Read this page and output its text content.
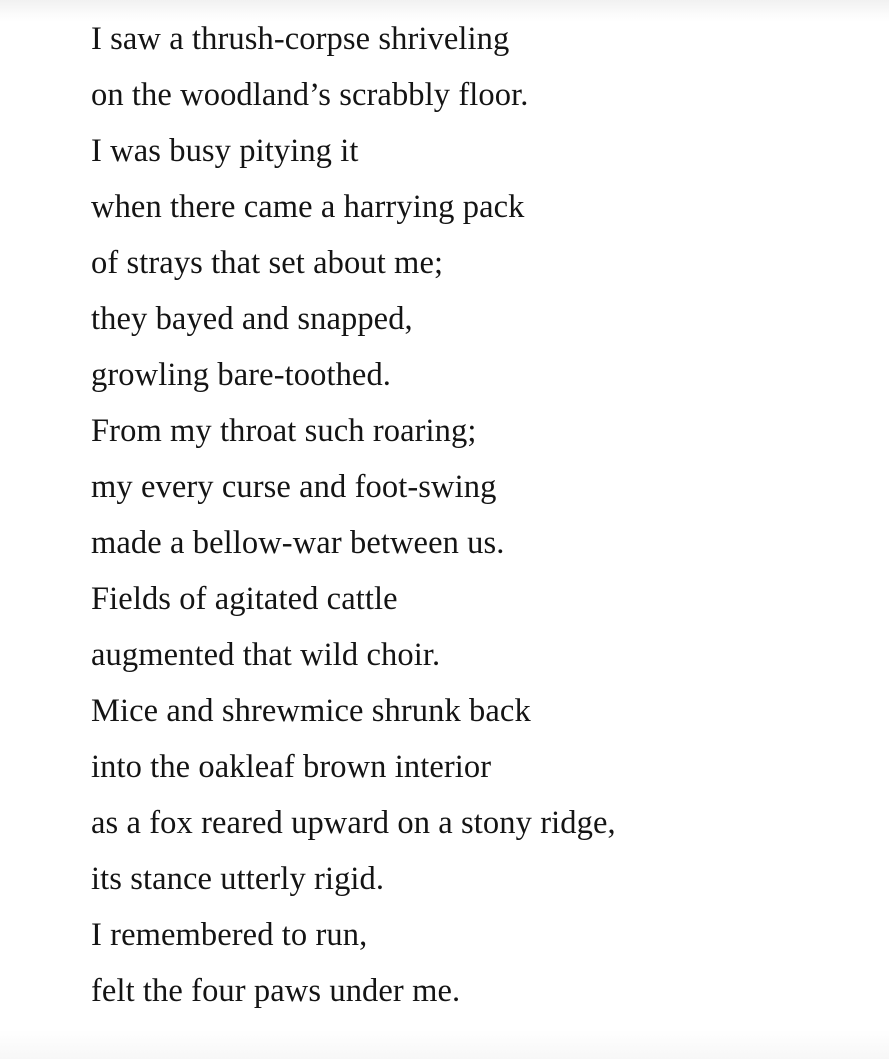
I saw a thrush-corpse shriveling
on the woodland’s scrabbly floor.
I was busy pitying it
when there came a harrying pack
of strays that set about me;
they bayed and snapped,
growling bare-toothed.
From my throat such roaring;
my every curse and foot-swing
made a bellow-war between us.
Fields of agitated cattle
augmented that wild choir.
Mice and shrewmice shrunk back
into the oakleaf brown interior
as a fox reared upward on a stony ridge,
its stance utterly rigid.
I remembered to run,
felt the four paws under me.
